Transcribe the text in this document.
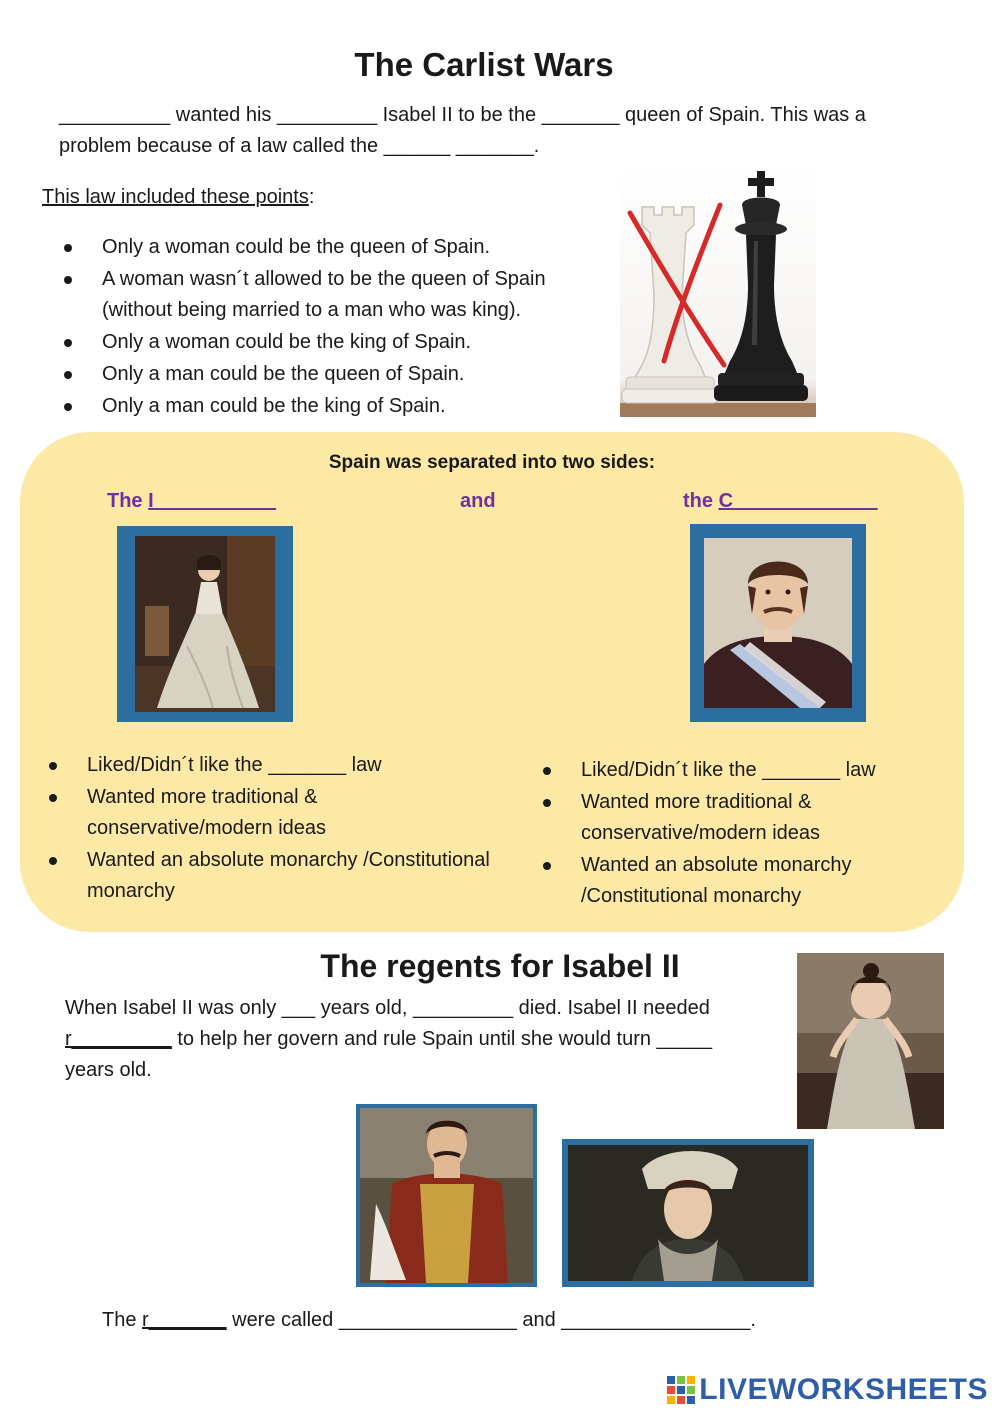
The Carlist Wars
__________ wanted his _________ Isabel II to be the _______ queen of Spain. This was a
problem because of a law called the ______ _______.
This law included these points:
Only a woman could be the queen of Spain.
A woman wasn´t allowed to be the queen of Spain (without being married to a man who was king).
Only a woman could be the king of Spain.
Only a man could be the queen of Spain.
Only a man could be the king of Spain.
Spain was separated into two sides:
The I___________	and	the C_____________
Liked/Didn´t like the _______ law
Wanted more traditional & conservative/modern ideas
Wanted an absolute monarchy /Constitutional monarchy
Liked/Didn´t like the _______ law
Wanted more traditional & conservative/modern ideas
Wanted an absolute monarchy /Constitutional monarchy
The regents for Isabel II
When Isabel II was only ___ years old, _________ died. Isabel II needed
r_________ to help her govern and rule Spain until she would turn _____
years old.
The r_______ were called ________________ and _________________.
LIVEWORKSHEETS
